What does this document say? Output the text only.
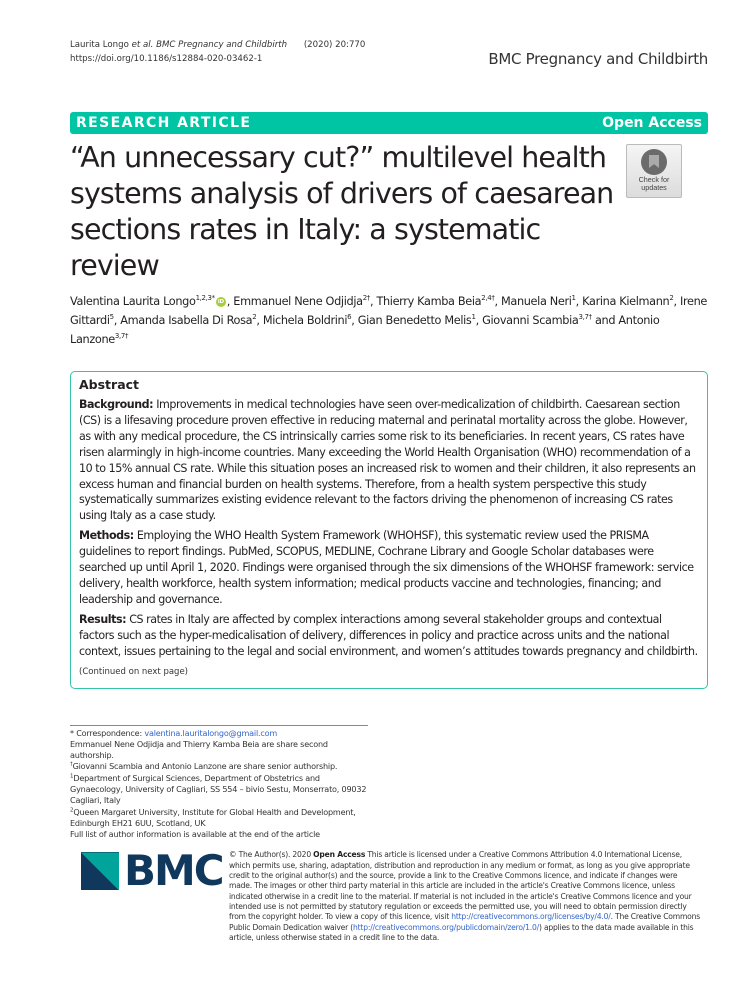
Laurita Longo et al. BMC Pregnancy and Childbirth (2020) 20:770
https://doi.org/10.1186/s12884-020-03462-1	BMC Pregnancy and Childbirth
RESEARCH ARTICLE	Open Access
“An unnecessary cut?” multilevel health systems analysis of drivers of caesarean sections rates in Italy: a systematic review
Check for
updates
Valentina Laurita Longo$^{1,2,3*}$ iD , Emmanuel Nene Odjidja$^{2\dagger}$, Thierry Kamba Beia$^{2,4\dagger}$, Manuela Neri$^1$, Karina Kielmann$^2$, Irene Gittardi$^5$, Amanda Isabella Di Rosa$^2$, Michela Boldrini$^6$, Gian Benedetto Melis$^1$, Giovanni Scambia$^{3,7\dagger}$ and Antonio Lanzone$^{3,7\dagger}$
Abstract

Background: Improvements in medical technologies have seen over-medicalization of childbirth. Caesarean section (CS) is a lifesaving procedure proven effective in reducing maternal and perinatal mortality across the globe. However, as with any medical procedure, the CS intrinsically carries some risk to its beneficiaries. In recent years, CS rates have risen alarmingly in high-income countries. Many exceeding the World Health Organisation (WHO) recommendation of a 10 to 15% annual CS rate. While this situation poses an increased risk to women and their children, it also represents an excess human and financial burden on health systems. Therefore, from a health system perspective this study systematically summarizes existing evidence relevant to the factors driving the phenomenon of increasing CS rates using Italy as a case study.

Methods: Employing the WHO Health System Framework (WHOHSF), this systematic review used the PRISMA guidelines to report findings. PubMed, SCOPUS, MEDLINE, Cochrane Library and Google Scholar databases were searched up until April 1, 2020. Findings were organised through the six dimensions of the WHOHSF framework: service delivery, health workforce, health system information; medical products vaccine and technologies, financing; and leadership and governance.

Results: CS rates in Italy are affected by complex interactions among several stakeholder groups and contextual factors such as the hyper-medicalisation of delivery, differences in policy and practice across units and the national context, issues pertaining to the legal and social environment, and women’s attitudes towards pregnancy and childbirth.

(Continued on next page)

* Correspondence: valentina.lauritalongo@gmail.com
Emmanuel Nene Odjidja and Thierry Kamba Beia are share second authorship.
†Giovanni Scambia and Antonio Lanzone are share senior authorship.
$^1$Department of Surgical Sciences, Department of Obstetrics and Gynaecology, University of Cagliari, SS 554 – bivio Sestu, Monserrato, 09032 Cagliari, Italy
$^2$Queen Margaret University, Institute for Global Health and Development, Edinburgh EH21 6UU, Scotland, UK
Full list of author information is available at the end of the article
BMC © The Author(s). 2020 Open Access This article is licensed under a Creative Commons Attribution 4.0 International License, which permits use, sharing, adaptation, distribution and reproduction in any medium or format, as long as you give appropriate credit to the original author(s) and the source, provide a link to the Creative Commons licence, and indicate if changes were made. The images or other third party material in this article are included in the article's Creative Commons licence, unless indicated otherwise in a credit line to the material. If material is not included in the article's Creative Commons licence and your intended use is not permitted by statutory regulation or exceeds the permitted use, you will need to obtain permission directly from the copyright holder. To view a copy of this licence, visit http://creativecommons.org/licenses/by/4.0/. The Creative Commons Public Domain Dedication waiver (http://creativecommons.org/publicdomain/zero/1.0/) applies to the data made available in this article, unless otherwise stated in a credit line to the data.
